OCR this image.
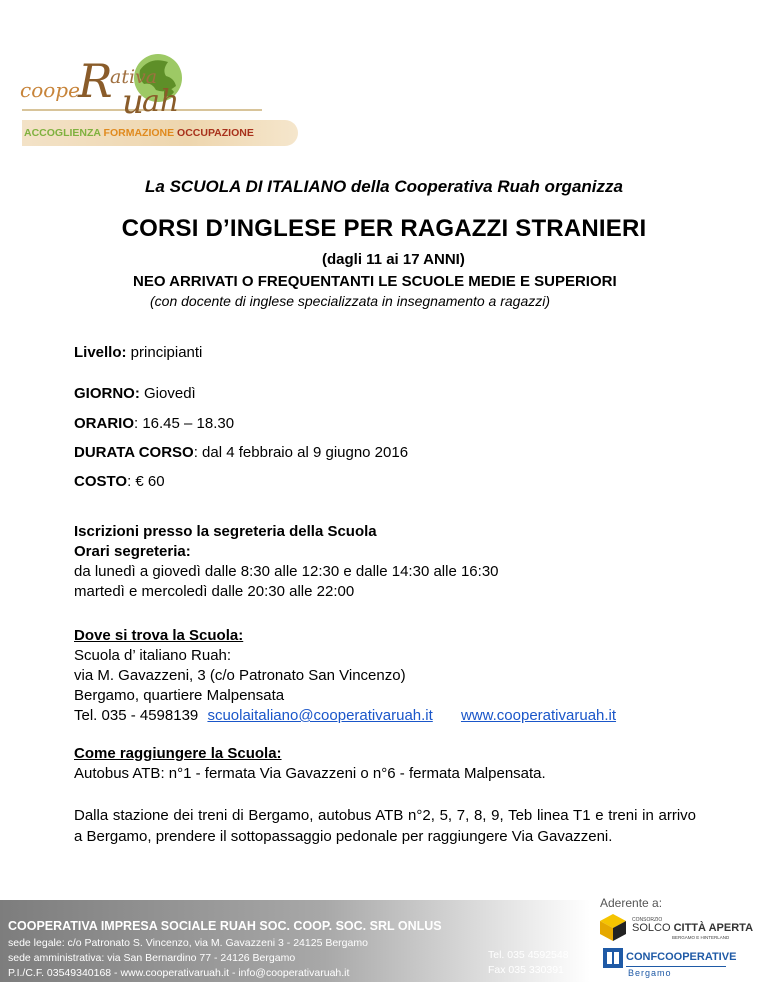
coope
R
ativa
u
ah
ACCOGLIENZA FORMAZIONE OCCUPAZIONE
La SCUOLA DI ITALIANO della Cooperativa Ruah organizza
CORSI D’INGLESE PER RAGAZZI STRANIERI
(dagli 11 ai 17 ANNI)
NEO ARRIVATI O FREQUENTANTI LE SCUOLE MEDIE E SUPERIORI
(con docente di inglese specializzata in insegnamento a ragazzi)
Livello: principianti
GIORNO: Giovedì
ORARIO: 16.45 – 18.30
DURATA CORSO: dal 4 febbraio al 9 giugno 2016
COSTO: € 60
Iscrizioni presso la segreteria della Scuola
Orari segreteria:
da lunedì a giovedì dalle 8:30 alle 12:30 e dalle 14:30 alle 16:30
martedì e mercoledì dalle 20:30 alle 22:00
Dove si trova la Scuola:
Scuola d’ italiano Ruah:
via M. Gavazzeni, 3 (c/o Patronato San Vincenzo)
Bergamo, quartiere Malpensata
Tel. 035 - 4598139 scuolaitaliano@cooperativaruah.it www.cooperativaruah.it
Come raggiungere la Scuola:
Autobus ATB: n°1 - fermata Via Gavazzeni o n°6 - fermata Malpensata.
Dalla stazione dei treni di Bergamo, autobus ATB n°2, 5, 7, 8, 9, Teb linea T1 e treni in arrivo a Bergamo, prendere il sottopassaggio pedonale per raggiungere Via Gavazzeni.
COOPERATIVA IMPRESA SOCIALE RUAH SOC. COOP. SOC. SRL ONLUS
sede legale: c/o Patronato S. Vincenzo, via M. Gavazzeni 3 - 24125 Bergamo
sede amministrativa: via San Bernardino 77 - 24126 Bergamo
P.I./C.F. 03549340168 - www.cooperativaruah.it - info@cooperativaruah.it
Tel. 035 4592548
Fax 035 330391
Aderente a:
CONSORZIO
SOLCO CITTÀ APERTA
BERGAMO E HINTERLAND
CONFCOOPERATIVE
Bergamo
